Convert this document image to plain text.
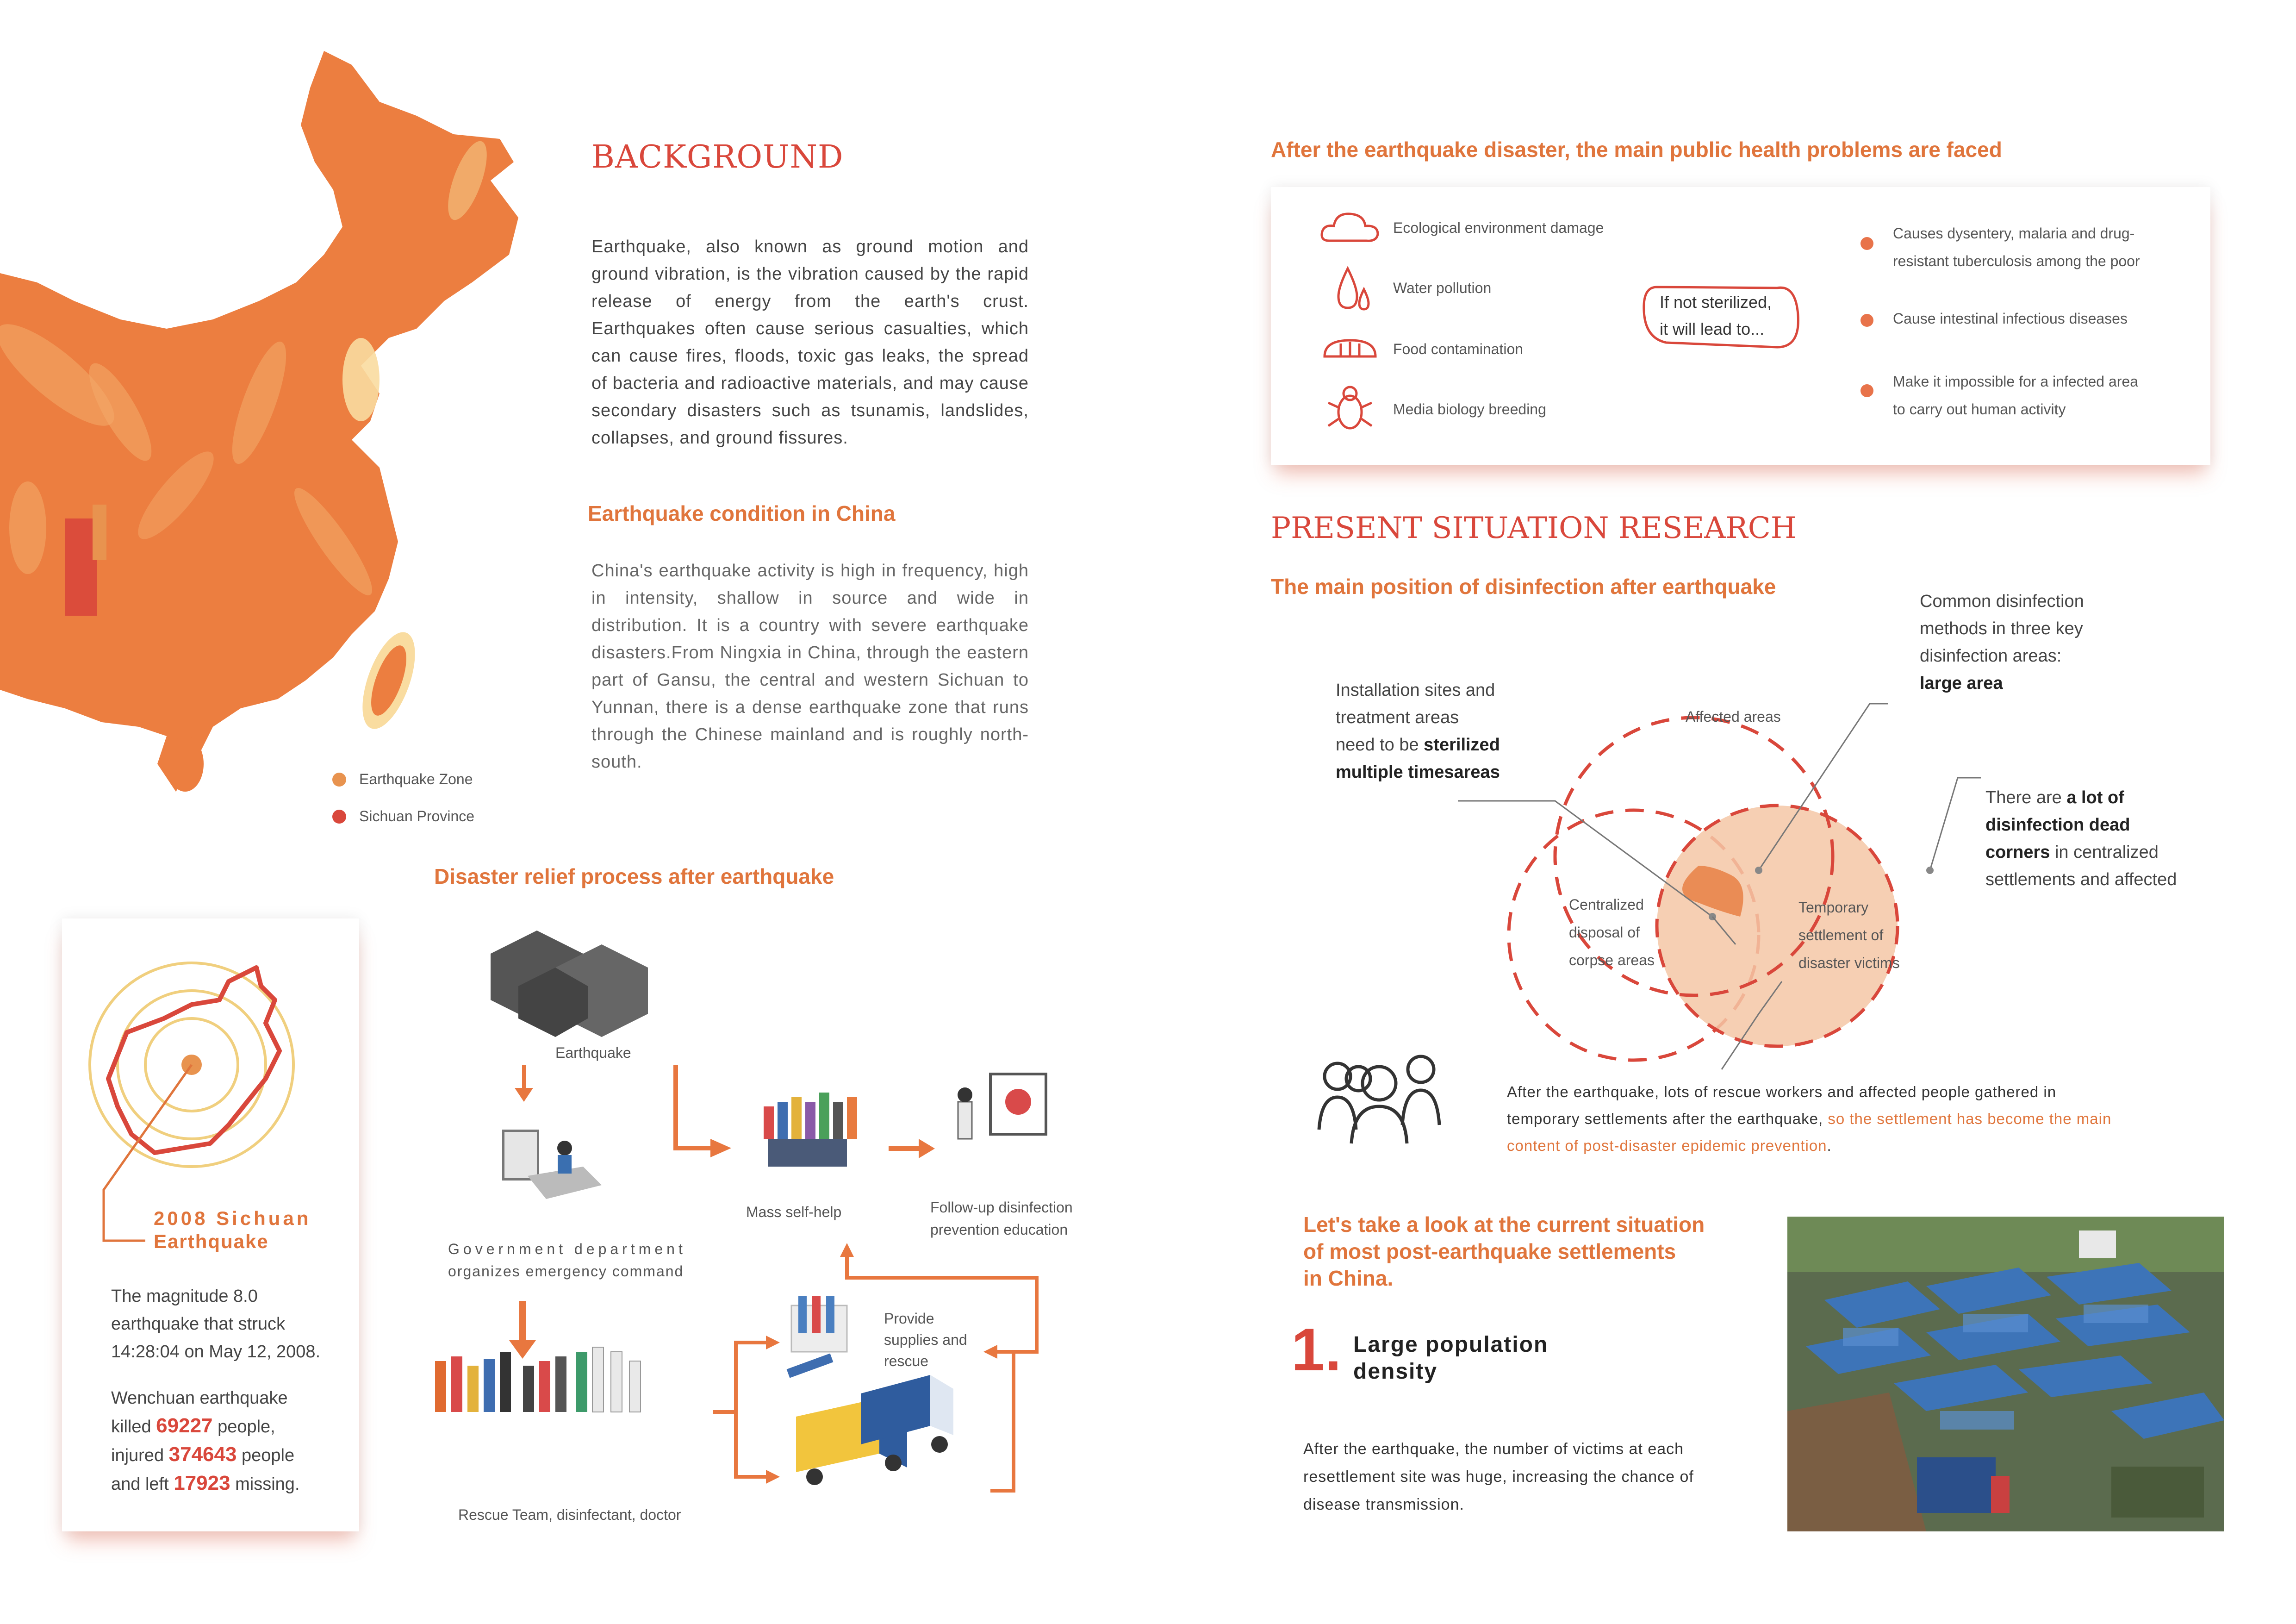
Earthquake Zone
Sichuan Province
BACKGROUND
Earthquake, also known as ground motion and ground vibration, is the vibration caused by the rapid release of energy from the earth's crust. Earthquakes often cause serious casualties, which can cause fires, floods, toxic gas leaks, the spread of bacteria and radioactive materials, and may cause secondary disasters such as tsunamis, landslides, collapses, and ground fissures.
Earthquake condition in China
China's earthquake activity is high in frequency, high in intensity, shallow in source and wide in distribution. It is a country with severe earthquake disasters.From Ningxia in China, through the eastern part of Gansu, the central and western Sichuan to Yunnan, there is a dense earthquake zone that runs through the Chinese mainland and is roughly north-south.
2008 Sichuan
Earthquake
The magnitude 8.0 earthquake that struck 14:28:04 on May 12, 2008.
Wenchuan earthquake
killed 69227 people,
injured 374643 people
and left 17923 missing.
Disaster relief process after earthquake
Earthquake
Government department
organizes emergency command
Mass self-help	Follow-up disinfection
prevention education
Provide
supplies and
rescue
Rescue Team, disinfectant, doctor
After the earthquake disaster, the main public health problems are faced
Ecological environment damage
Water pollution
Food contamination
Media biology breeding
If not sterilized,
it will lead to...
Causes dysentery, malaria and drug-
resistant tuberculosis among the poor
Cause intestinal infectious diseases
Make it impossible for a infected area
to carry out human activity
PRESENT SITUATION RESEARCH
The main position of disinfection after earthquake
Installation sites and
treatment areas
need to be sterilized
multiple timesareas
Common disinfection
methods in three key
disinfection areas:
large area
There are a lot of
disinfection dead
corners in centralized
settlements and affected
Affected areas
Centralized
disposal of
corpse areas
Temporary
settlement of
disaster victims
After the earthquake, lots of rescue workers and affected people gathered in
temporary settlements after the earthquake, so the settlement has become the main
content of post-disaster epidemic prevention.
Let's take a look at the current situation
of most post-earthquake settlements
in China.
1. Large population
density
After the earthquake, the number of victims at each
resettlement site was huge, increasing the chance of
disease transmission.
